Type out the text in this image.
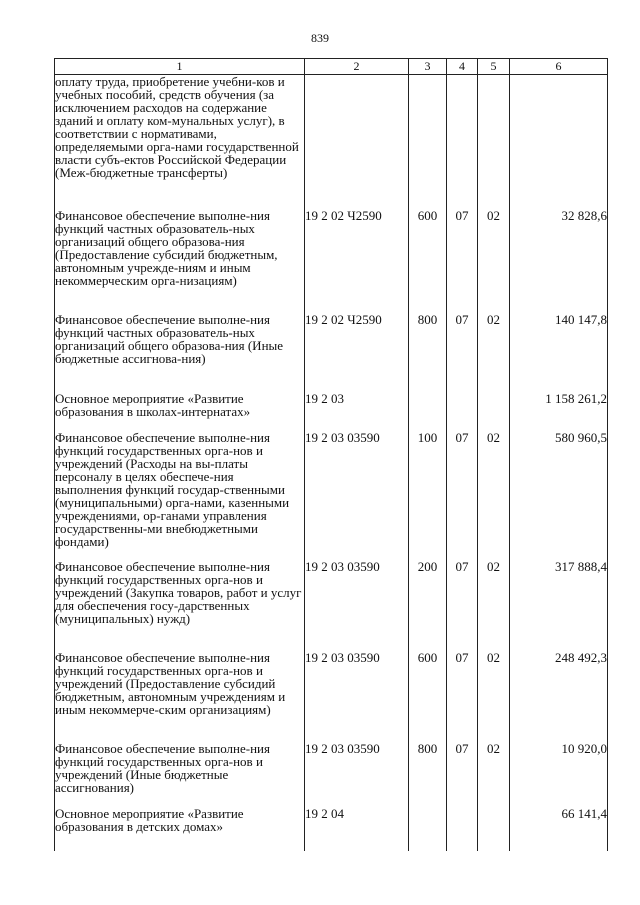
839
1	2	3	4	5	6
оплату труда, приобретение учебни-ков и учебных пособий, средств обучения (за исключением расходов на содержание зданий и оплату ком-мунальных услуг), в соответствии с нормативами, определяемыми орга-нами государственной власти субъ-ектов Российской Федерации (Меж-бюджетные трансферты)					
Финансовое обеспечение выполне-ния функций частных образователь-ных организаций общего образова-ния (Предоставление субсидий бюджетным, автономным учрежде-ниям и иным некоммерческим орга-низациям)	19 2 02 Ч2590	600	07	02	32 828,6
Финансовое обеспечение выполне-ния функций частных образователь-ных организаций общего образова-ния (Иные бюджетные ассигнова-ния)	19 2 02 Ч2590	800	07	02	140 147,8
Основное мероприятие «Развитие образования в школах-интернатах»	19 2 03				1 158 261,2
Финансовое обеспечение выполне-ния функций государственных орга-нов и учреждений (Расходы на вы-платы персоналу в целях обеспече-ния выполнения функций государ-ственными (муниципальными) орга-нами, казенными учреждениями, ор-ганами управления государственны-ми внебюджетными фондами)	19 2 03 03590	100	07	02	580 960,5
Финансовое обеспечение выполне-ния функций государственных орга-нов и учреждений (Закупка товаров, работ и услуг для обеспечения госу-дарственных (муниципальных) нужд)	19 2 03 03590	200	07	02	317 888,4
Финансовое обеспечение выполне-ния функций государственных орга-нов и учреждений (Предоставление субсидий бюджетным, автономным учреждениям и иным некоммерче-ским организациям)	19 2 03 03590	600	07	02	248 492,3
Финансовое обеспечение выполне-ния функций государственных орга-нов и учреждений (Иные бюджетные ассигнования)	19 2 03 03590	800	07	02	10 920,0
Основное мероприятие «Развитие образования в детских домах»	19 2 04				66 141,4
